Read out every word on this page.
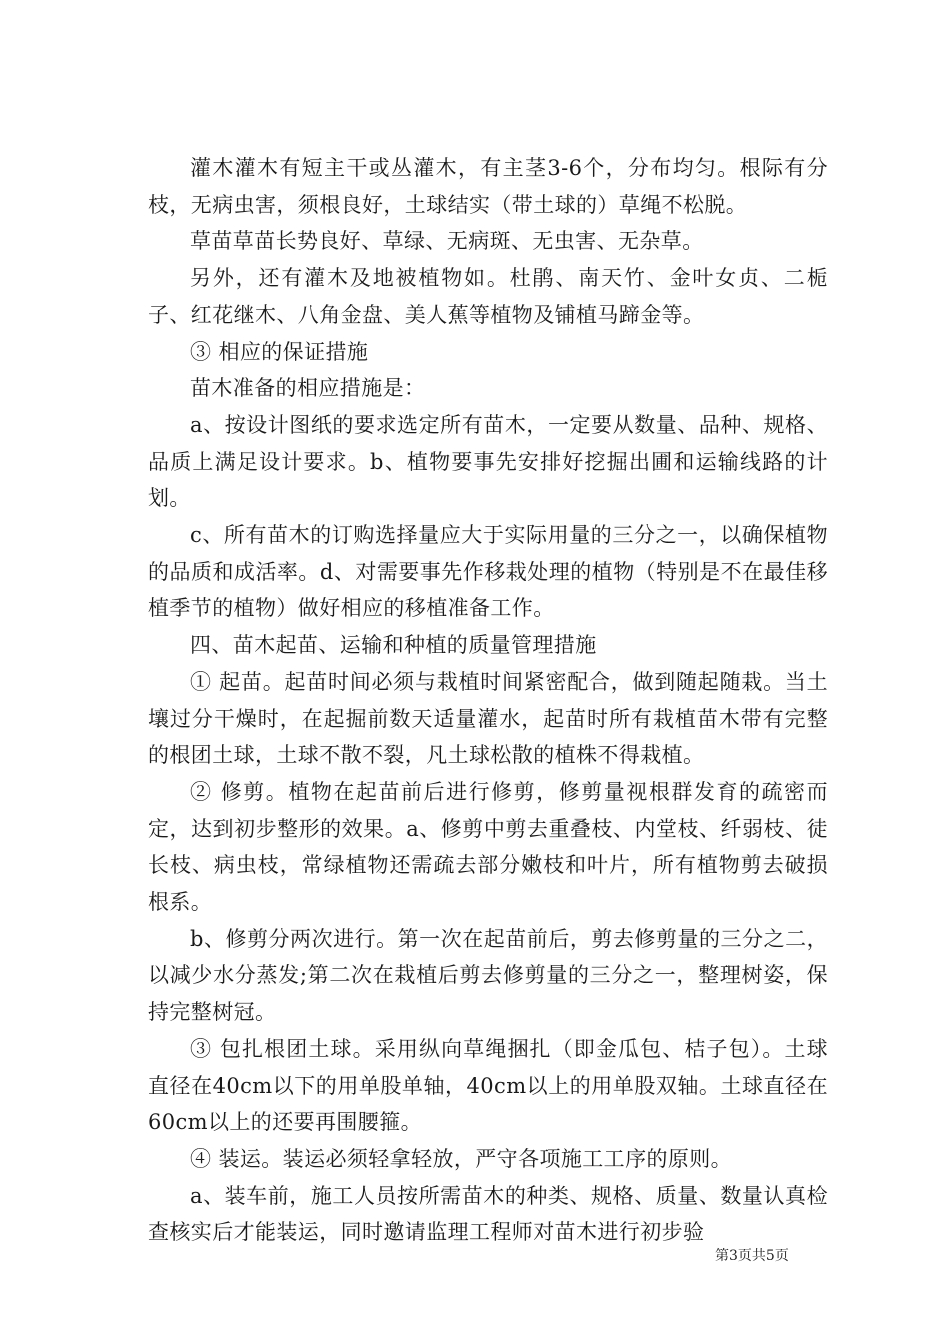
灌木灌木有短主干或丛灌木，有主茎3-6个，分布均匀。根际有分枝，无病虫害，须根良好，土球结实（带土球的）草绳不松脱。

草苗草苗长势良好、草绿、无病斑、无虫害、无杂草。

另外，还有灌木及地被植物如。杜鹃、南天竹、金叶女贞、二栀子、红花继木、八角金盘、美人蕉等植物及铺植马蹄金等。

③ 相应的保证措施

苗木准备的相应措施是：

a、按设计图纸的要求选定所有苗木，一定要从数量、品种、规格、品质上满足设计要求。b、植物要事先安排好挖掘出圃和运输线路的计划。

c、所有苗木的订购选择量应大于实际用量的三分之一，以确保植物的品质和成活率。d、对需要事先作移栽处理的植物（特别是不在最佳移植季节的植物）做好相应的移植准备工作。

四、苗木起苗、运输和种植的质量管理措施

① 起苗。起苗时间必须与栽植时间紧密配合，做到随起随栽。当土壤过分干燥时，在起掘前数天适量灌水，起苗时所有栽植苗木带有完整的根团土球，土球不散不裂，凡土球松散的植株不得栽植。

② 修剪。植物在起苗前后进行修剪，修剪量视根群发育的疏密而定，达到初步整形的效果。a、修剪中剪去重叠枝、内堂枝、纤弱枝、徒长枝、病虫枝，常绿植物还需疏去部分嫩枝和叶片，所有植物剪去破损根系。

b、修剪分两次进行。第一次在起苗前后，剪去修剪量的三分之二，以减少水分蒸发;第二次在栽植后剪去修剪量的三分之一，整理树姿，保持完整树冠。

③ 包扎根团土球。采用纵向草绳捆扎（即金瓜包、桔子包）。土球直径在40cm以下的用单股单轴，40cm以上的用单股双轴。土球直径在60cm以上的还要再围腰箍。

④ 装运。装运必须轻拿轻放，严守各项施工工序的原则。

a、装车前，施工人员按所需苗木的种类、规格、质量、数量认真检查核实后才能装运，同时邀请监理工程师对苗木进行初步验

第3页共5页
